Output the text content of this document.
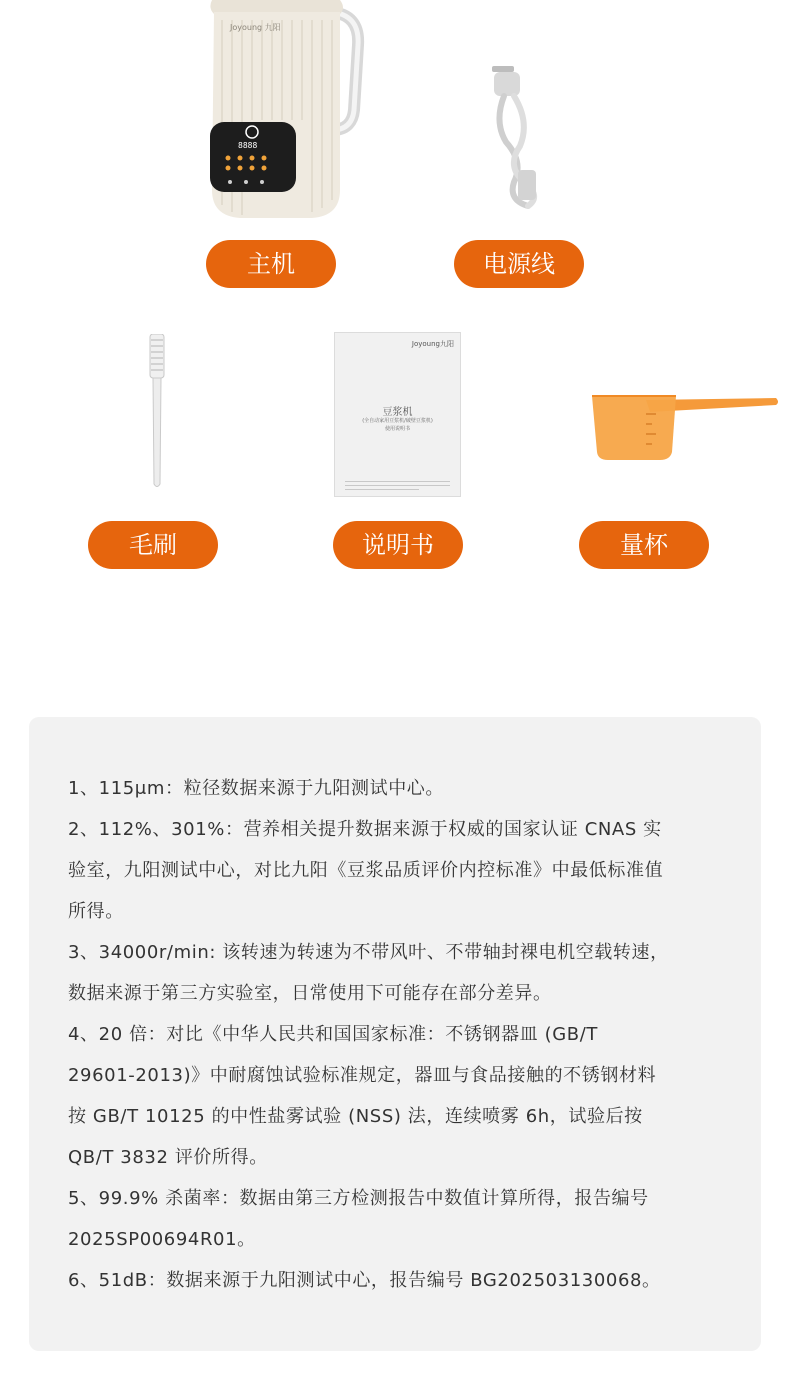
Joyoung 九阳
8888
主机	电源线
毛刷
Joyoung九阳
豆浆机
(全自动家用豆浆机/破壁豆浆机)
使用说明书
说明书	量杯

1、115μm：粒径数据来源于九阳测试中心。

2、112%、301%：营养相关提升数据来源于权威的国家认证 CNAS 实

验室，九阳测试中心，对比九阳《豆浆品质评价内控标准》中最低标准值

所得。

3、34000r/min: 该转速为转速为不带风叶、不带轴封裸电机空载转速，

数据来源于第三方实验室，日常使用下可能存在部分差异。

4、20 倍：对比《中华人民共和国国家标准：不锈钢器皿 (GB/T

29601-2013)》中耐腐蚀试验标准规定，器皿与食品接触的不锈钢材料

按 GB/T 10125 的中性盐雾试验 (NSS) 法，连续喷雾 6h，试验后按

QB/T 3832 评价所得。

5、99.9% 杀菌率：数据由第三方检测报告中数值计算所得，报告编号

2025SP00694R01。

6、51dB：数据来源于九阳测试中心，报告编号 BG202503130068。
